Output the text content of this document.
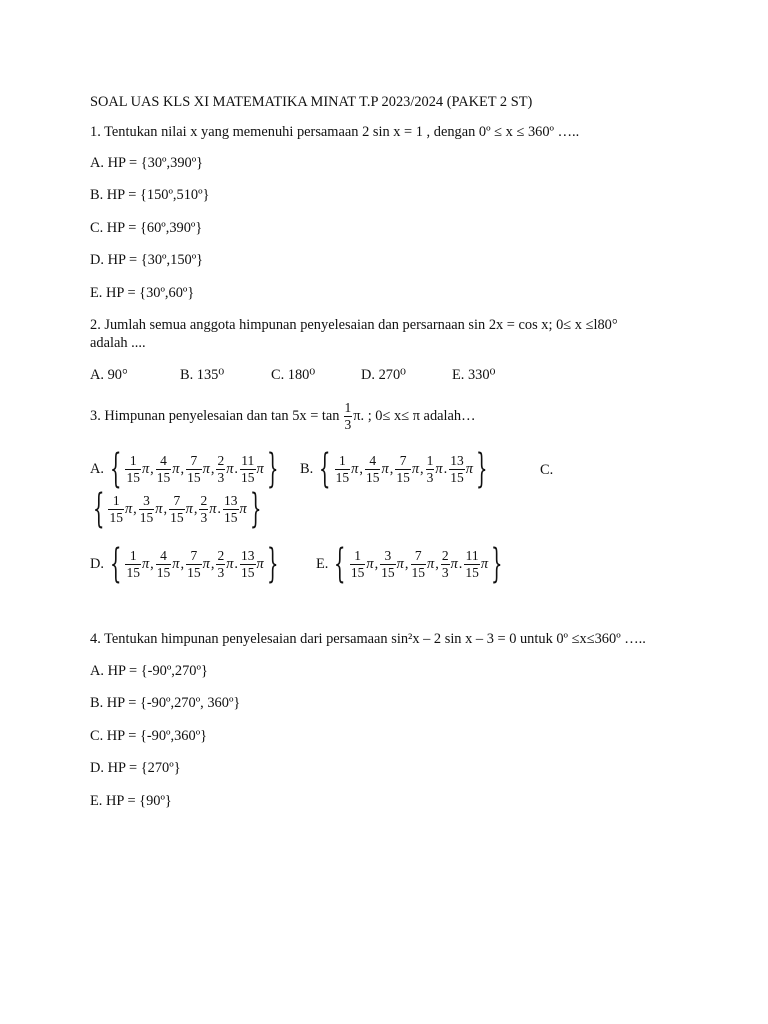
SOAL UAS KLS XI MATEMATIKA MINAT T.P 2023/2024 (PAKET 2 ST)
1. Tentukan nilai x yang memenuhi persamaan 2 sin x = 1 , dengan 0º ≤ x ≤ 360º …..
A. HP = {30º,390º}
B. HP = {150º,510º}
C. HP = {60º,390º}
D. HP = {30º,150º}
E. HP = {30º,60º}
2. Jumlah semua anggota himpunan penyelesaian dan persarnaan sin 2x = cos x; 0≤ x ≤l80°
adalah ....
A. 90°	B. 135⁰	C. 180⁰	D. 270⁰	E. 330⁰
3. Himpunan penyelesaian dan $\tan 5x = \tan \frac{1}{3} \pi$. ; 0≤ x≤ π adalah…
A. { $\frac{1}{15}$ π , $\frac{4}{15}$ π , $\frac{7}{15}$ π , $\frac{2}{3}$ π . $\frac{11}{15}$ π } B. { $\frac{1}{15}$ π , $\frac{4}{15}$ π , $\frac{7}{15}$ π , $\frac{1}{3}$ π . $\frac{13}{15}$ π }	C.
{ $\frac{1}{15}$ π , $\frac{3}{15}$ π , $\frac{7}{15}$ π , $\frac{2}{3}$ π . $\frac{13}{15}$ π }
D. { $\frac{1}{15}$ π , $\frac{4}{15}$ π , $\frac{7}{15}$ π , $\frac{2}{3}$ π . $\frac{13}{15}$ π }	E. { $\frac{1}{15}$ π , $\frac{3}{15}$ π , $\frac{7}{15}$ π , $\frac{2}{3}$ π . $\frac{11}{15}$ π }
4. Tentukan himpunan penyelesaian dari persamaan sin²x – 2 sin x – 3 = 0 untuk 0º ≤x≤360º …..
A. HP = {-90º,270º}
B. HP = {-90º,270º, 360º}
C. HP = {-90º,360º}
D. HP = {270º}
E. HP = {90º}
